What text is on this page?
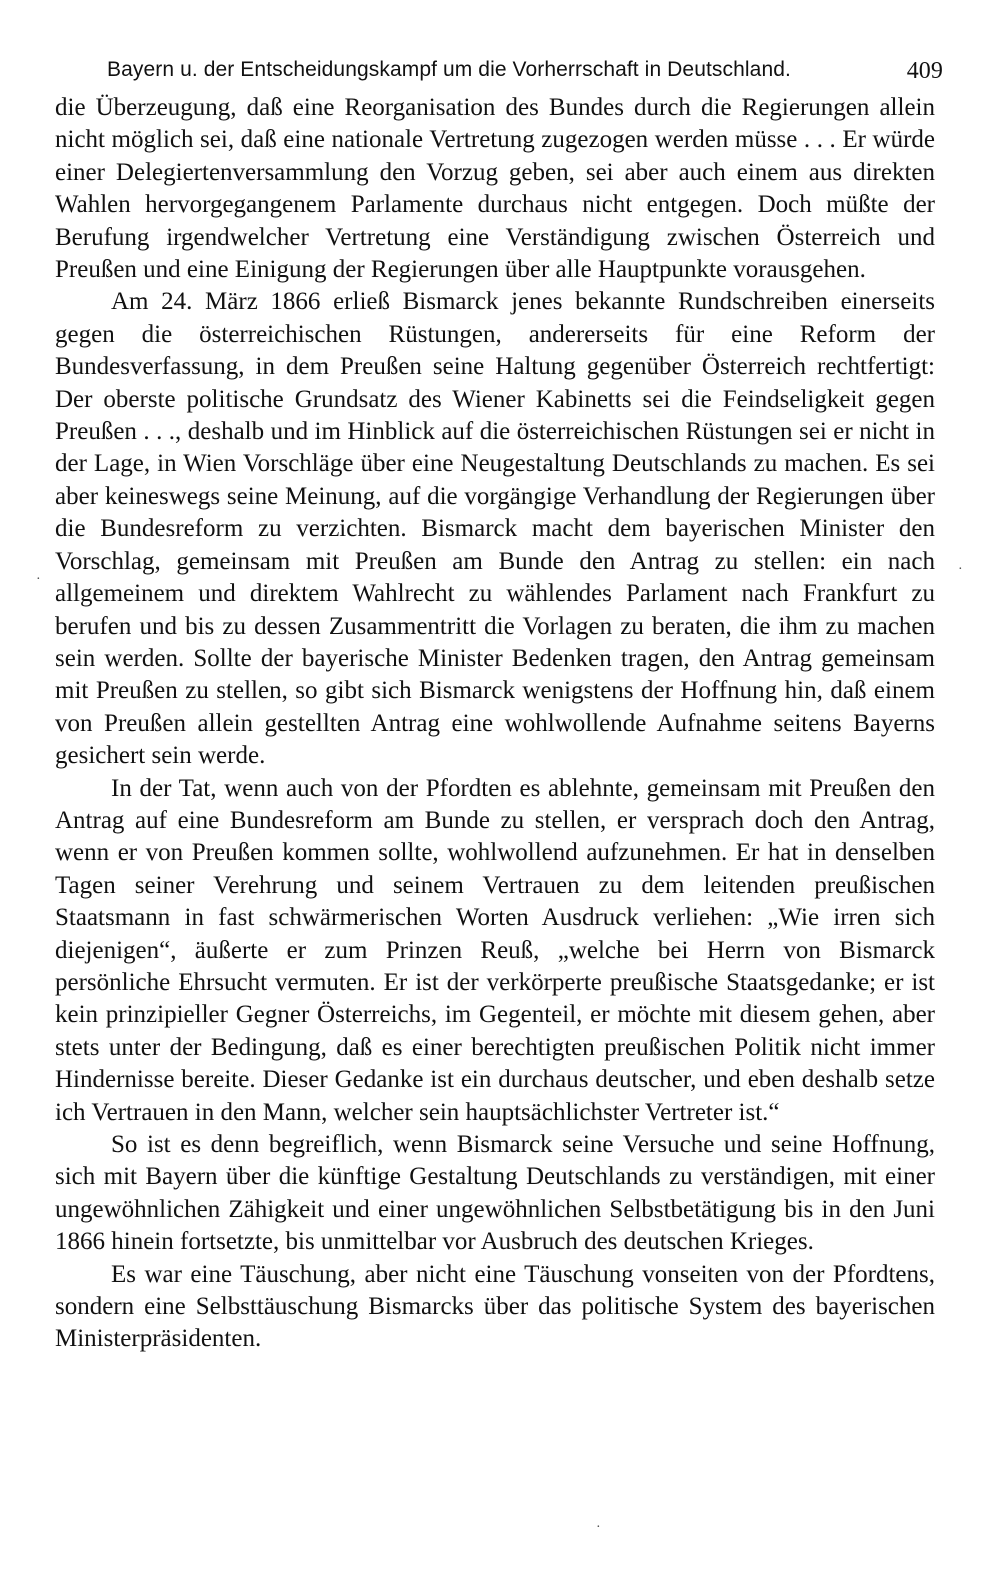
Bayern u. der Entscheidungskampf um die Vorherrschaft in Deutschland.	409

die Überzeugung, daß eine Reorganisation des Bundes durch die Regierungen allein nicht möglich sei, daß eine nationale Vertretung zugezogen werden müsse . . . Er würde einer Delegiertenversammlung den Vorzug geben, sei aber auch einem aus direkten Wahlen hervorgegangenem Parlamente durchaus nicht entgegen. Doch müßte der Berufung irgendwelcher Vertretung eine Verständigung zwischen Österreich und Preußen und eine Einigung der Regierungen über alle Hauptpunkte vorausgehen.

Am 24. März 1866 erließ Bismarck jenes bekannte Rundschreiben einerseits gegen die österreichischen Rüstungen, andererseits für eine Reform der Bundesverfassung, in dem Preußen seine Haltung gegenüber Österreich rechtfertigt: Der oberste politische Grundsatz des Wiener Kabinetts sei die Feindseligkeit gegen Preußen . . ., deshalb und im Hinblick auf die österreichischen Rüstungen sei er nicht in der Lage, in Wien Vorschläge über eine Neugestaltung Deutschlands zu machen. Es sei aber keineswegs seine Meinung, auf die vorgängige Verhandlung der Regierungen über die Bundesreform zu verzichten. Bismarck macht dem bayerischen Minister den Vorschlag, gemeinsam mit Preußen am Bunde den Antrag zu stellen: ein nach allgemeinem und direktem Wahlrecht zu wählendes Parlament nach Frankfurt zu berufen und bis zu dessen Zusammentritt die Vorlagen zu beraten, die ihm zu machen sein werden. Sollte der bayerische Minister Bedenken tragen, den Antrag gemeinsam mit Preußen zu stellen, so gibt sich Bismarck wenigstens der Hoffnung hin, daß einem von Preußen allein gestellten Antrag eine wohlwollende Aufnahme seitens Bayerns gesichert sein werde.

In der Tat, wenn auch von der Pfordten es ablehnte, gemeinsam mit Preußen den Antrag auf eine Bundesreform am Bunde zu stellen, er versprach doch den Antrag, wenn er von Preußen kommen sollte, wohlwollend aufzunehmen. Er hat in denselben Tagen seiner Verehrung und seinem Vertrauen zu dem leitenden preußischen Staatsmann in fast schwärmerischen Worten Ausdruck verliehen: „Wie irren sich diejenigen“, äußerte er zum Prinzen Reuß, „welche bei Herrn von Bismarck persönliche Ehrsucht vermuten. Er ist der verkörperte preußische Staatsgedanke; er ist kein prinzipieller Gegner Österreichs, im Gegenteil, er möchte mit diesem gehen, aber stets unter der Bedingung, daß es einer berechtigten preußischen Politik nicht immer Hindernisse bereite. Dieser Gedanke ist ein durchaus deutscher, und eben deshalb setze ich Vertrauen in den Mann, welcher sein hauptsächlichster Vertreter ist.“

So ist es denn begreiflich, wenn Bismarck seine Versuche und seine Hoffnung, sich mit Bayern über die künftige Gestaltung Deutschlands zu verständigen, mit einer ungewöhnlichen Zähigkeit und einer ungewöhnlichen Selbstbetätigung bis in den Juni 1866 hinein fortsetzte, bis unmittelbar vor Ausbruch des deutschen Krieges.

Es war eine Täuschung, aber nicht eine Täuschung vonseiten von der Pfordtens, sondern eine Selbsttäuschung Bismarcks über das politische System des bayerischen Ministerpräsidenten.

·
·
·
